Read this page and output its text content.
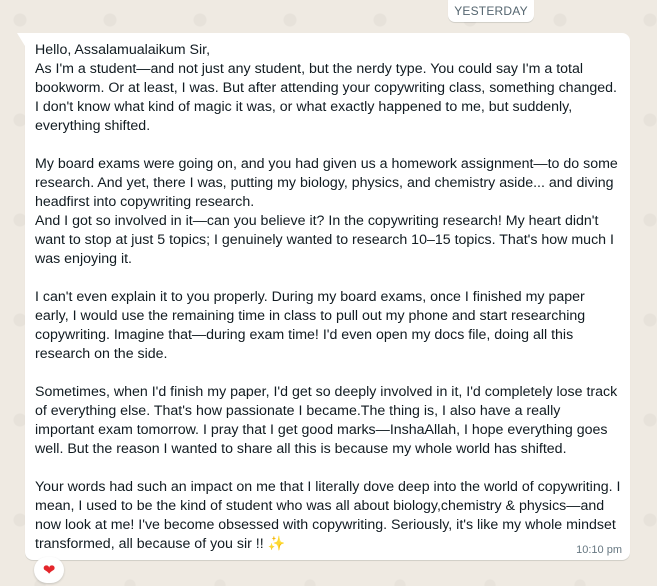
YESTERDAY

Hello, Assalamualaikum Sir,
As I'm a student—and not just any student, but the nerdy type. You could say I'm a total bookworm. Or at least, I was. But after attending your copywriting class, something changed. I don't know what kind of magic it was, or what exactly happened to me, but suddenly, everything shifted.

My board exams were going on, and you had given us a homework assignment—to do some research. And yet, there I was, putting my biology, physics, and chemistry aside... and diving headfirst into copywriting research.
And I got so involved in it—can you believe it? In the copywriting research! My heart didn't want to stop at just 5 topics; I genuinely wanted to research 10–15 topics. That's how much I was enjoying it.

I can't even explain it to you properly. During my board exams, once I finished my paper early, I would use the remaining time in class to pull out my phone and start researching copywriting. Imagine that—during exam time! I'd even open my docs file, doing all this research on the side.

Sometimes, when I'd finish my paper, I'd get so deeply involved in it, I'd completely lose track of everything else. That's how passionate I became.The thing is, I also have a really important exam tomorrow. I pray that I get good marks—InshaAllah, I hope everything goes well. But the reason I wanted to share all this is because my whole world has shifted.

Your words had such an impact on me that I literally dove deep into the world of copywriting. I mean, I used to be the kind of student who was all about biology,chemistry & physics—and now look at me! I've become obsessed with copywriting. Seriously, it's like my whole mindset transformed, all because of you sir !! ✨	10:10 pm
❤
